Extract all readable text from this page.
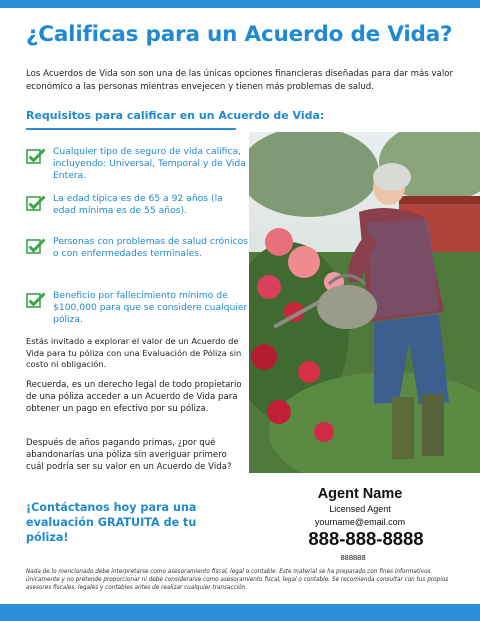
¿Calificas para un Acuerdo de Vida?

Los Acuerdos de Vida son son una de las únicas opciones financieras diseñadas para dar más valor económico a las personas mientras envejecen y tienen más problemas de salud.

Requisitos para calificar en un Acuerdo de Vida:
Cualquier tipo de seguro de vida califica, incluyendo: Universal, Temporal y de Vida Entera.
La edad típica es de 65 a 92 años (la edad mínima es de 55 años).
Personas con problemas de salud crónicos o con enfermedades terminales.
Beneficio por fallecimiento mínimo de $100,000 para que se considere cualquier póliza.

Estás invitado a explorar el valor de un Acuerdo de Vida para tu póliza con una Evaluación de Póliza sin costo ni obligación.

Recuerda, es un derecho legal de todo propietario de una póliza acceder a un Acuerdo de Vida para obtener un pago en efectivo por su póliza.

Después de años pagando primas, ¿por qué abandonarías una póliza sin averiguar primero cuál podría ser su valor en un Acuerdo de Vida?

¡Contáctanos hoy para una evaluación GRATUITA de tu póliza!
Agent Name
Licensed Agent
yourname@email.com
888-888-8888
888888

Nada de lo mencionado debe interpretarse como asesoramiento fiscal, legal o contable. Este material se ha preparado con fines informativos únicamente y no pretende proporcionar ni debe considerarse como asesoramiento fiscal, legal o contable. Se recomienda consultar con tus propios asesores fiscales, legales y contables antes de realizar cualquier transacción.
